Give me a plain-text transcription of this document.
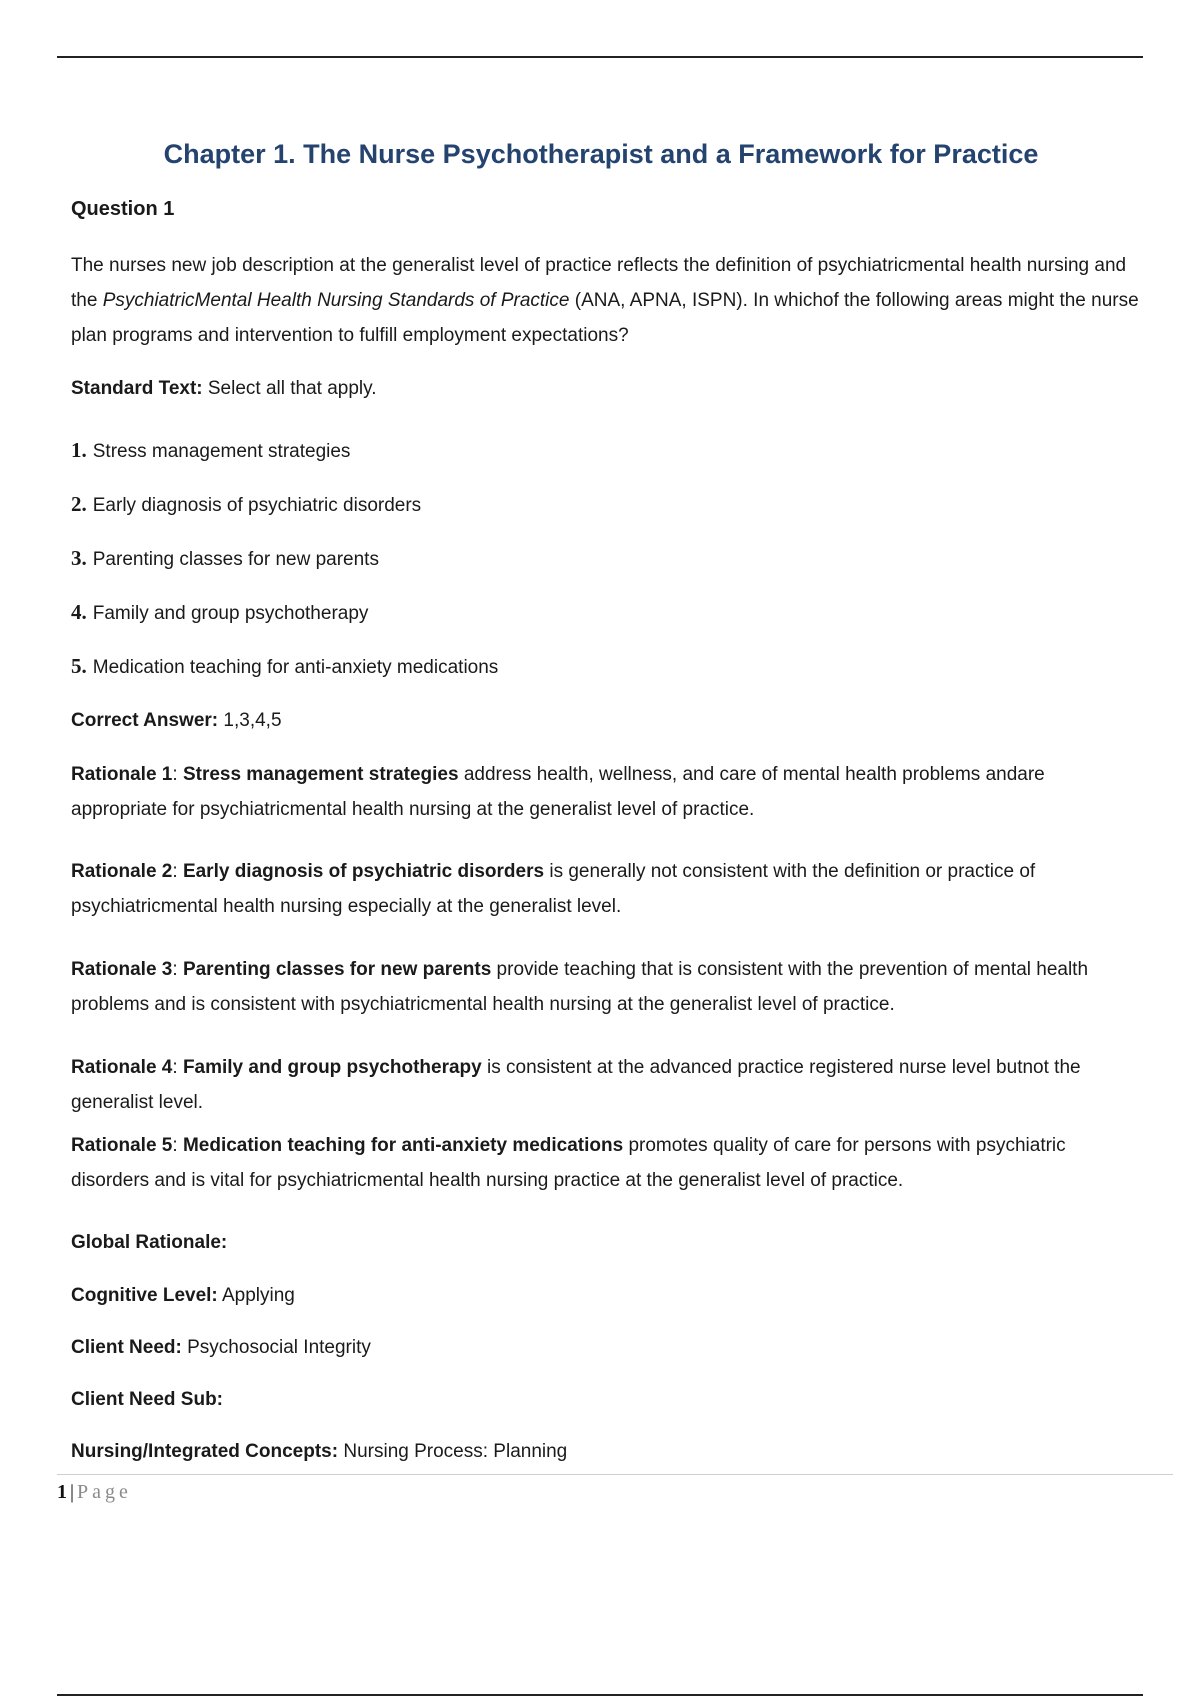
Chapter 1. The Nurse Psychotherapist and a Framework for Practice

Question 1

The nurses new job description at the generalist level of practice reflects the definition of psychiatricmental health nursing and the PsychiatricMental Health Nursing Standards of Practice (ANA, APNA, ISPN). In whichof the following areas might the nurse plan programs and intervention to fulfill employment expectations?

Standard Text: Select all that apply.

1. Stress management strategies
2. Early diagnosis of psychiatric disorders
3. Parenting classes for new parents
4. Family and group psychotherapy
5. Medication teaching for anti-anxiety medications

Correct Answer: 1,3,4,5

Rationale 1: Stress management strategies address health, wellness, and care of mental health problems andare appropriate for psychiatricmental health nursing at the generalist level of practice.

Rationale 2: Early diagnosis of psychiatric disorders is generally not consistent with the definition or practice of psychiatricmental health nursing especially at the generalist level.

Rationale 3: Parenting classes for new parents provide teaching that is consistent with the prevention of mental health problems and is consistent with psychiatricmental health nursing at the generalist level of practice.

Rationale 4: Family and group psychotherapy is consistent at the advanced practice registered nurse level butnot the generalist level.

Rationale 5: Medication teaching for anti-anxiety medications promotes quality of care for persons with psychiatric disorders and is vital for psychiatricmental health nursing practice at the generalist level of practice.

Global Rationale:

Cognitive Level: Applying

Client Need: Psychosocial Integrity

Client Need Sub:

Nursing/Integrated Concepts: Nursing Process: Planning

1 | Page
